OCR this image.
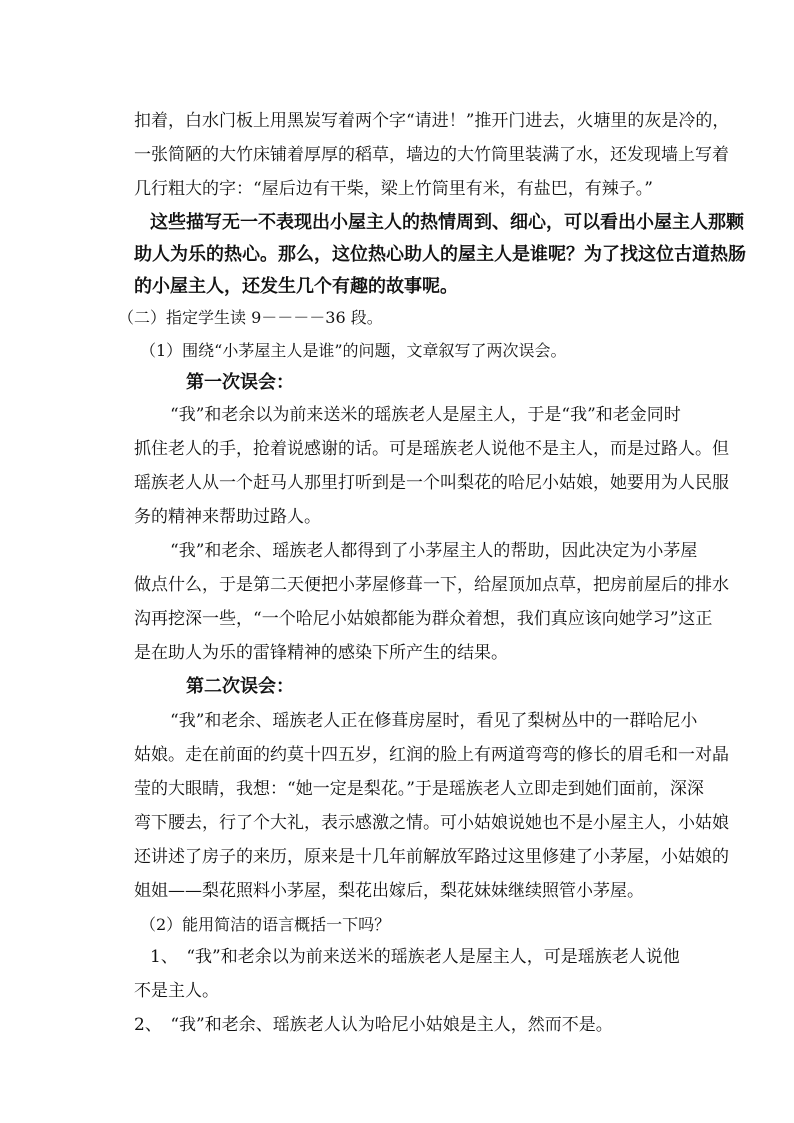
扣着，白水门板上用黑炭写着两个字“请进！”推开门进去，火塘里的灰是冷的，
一张简陋的大竹床铺着厚厚的稻草，墙边的大竹筒里装满了水，还发现墙上写着
几行粗大的字：“屋后边有干柴，梁上竹筒里有米，有盐巴，有辣子。”
这些描写无一不表现出小屋主人的热情周到、细心，可以看出小屋主人那颗
助人为乐的热心。那么，这位热心助人的屋主人是谁呢？为了找这位古道热肠
的小屋主人，还发生几个有趣的故事呢。
（二）指定学生读 9－－－－36 段。
（1）围绕“小茅屋主人是谁”的问题，文章叙写了两次误会。
第一次误会：
“我”和老余以为前来送米的瑶族老人是屋主人，于是“我”和老金同时
抓住老人的手，抢着说感谢的话。可是瑶族老人说他不是主人，而是过路人。但
瑶族老人从一个赶马人那里打听到是一个叫梨花的哈尼小姑娘，她要用为人民服
务的精神来帮助过路人。
“我”和老余、瑶族老人都得到了小茅屋主人的帮助，因此决定为小茅屋
做点什么，于是第二天便把小茅屋修葺一下，给屋顶加点草，把房前屋后的排水
沟再挖深一些，“一个哈尼小姑娘都能为群众着想，我们真应该向她学习”这正
是在助人为乐的雷锋精神的感染下所产生的结果。
第二次误会：
“我”和老余、瑶族老人正在修葺房屋时，看见了梨树丛中的一群哈尼小
姑娘。走在前面的约莫十四五岁，红润的脸上有两道弯弯的修长的眉毛和一对晶
莹的大眼睛，我想：“她一定是梨花。”于是瑶族老人立即走到她们面前，深深
弯下腰去，行了个大礼，表示感激之情。可小姑娘说她也不是小屋主人，小姑娘
还讲述了房子的来历，原来是十几年前解放军路过这里修建了小茅屋，小姑娘的
姐姐——梨花照料小茅屋，梨花出嫁后，梨花妹妹继续照管小茅屋。
（2）能用简洁的语言概括一下吗？
1、　“我”和老余以为前来送米的瑶族老人是屋主人，可是瑶族老人说他
不是主人。
2、　“我”和老余、瑶族老人认为哈尼小姑娘是主人，然而不是。
